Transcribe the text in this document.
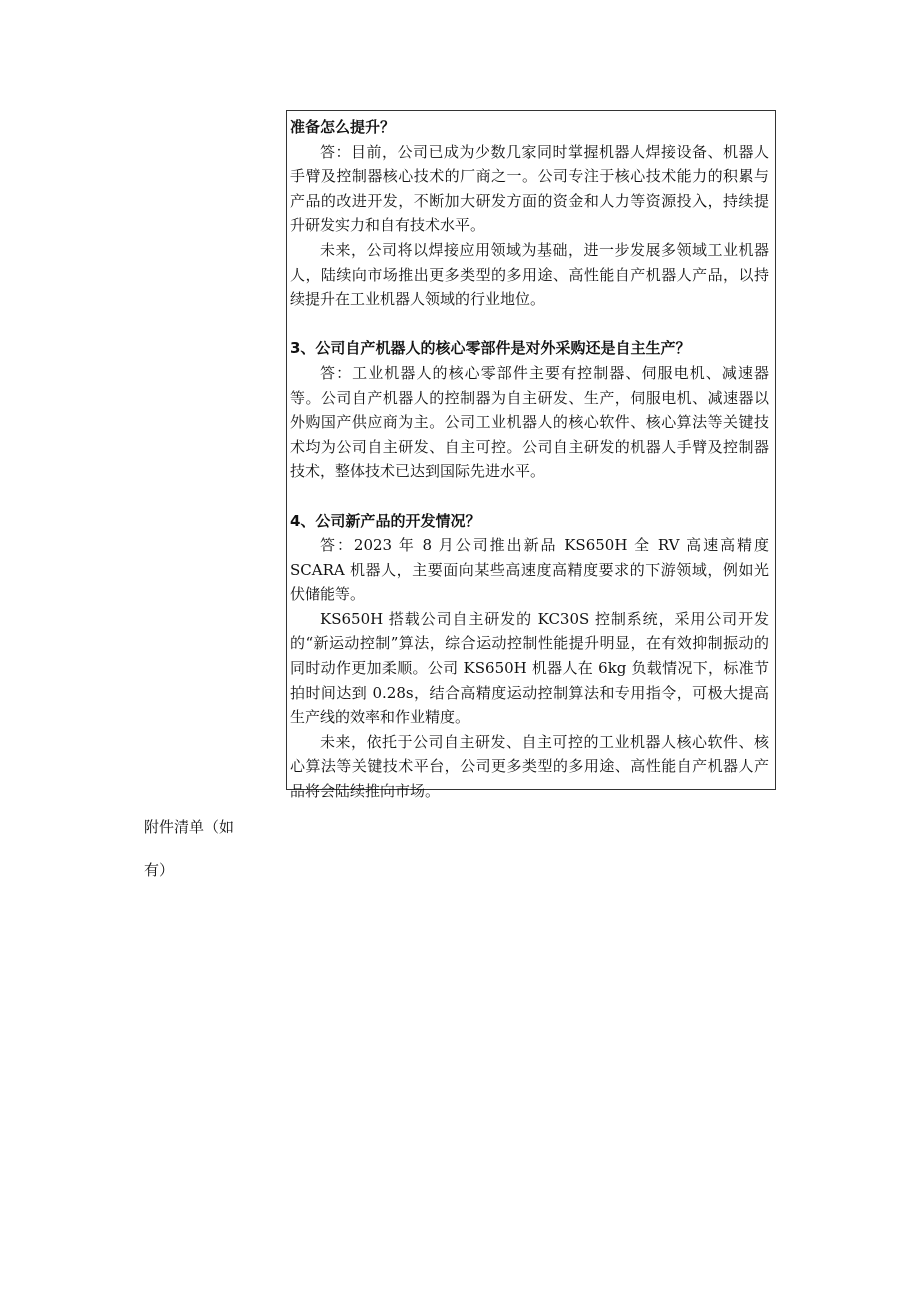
准备怎么提升？
答：目前，公司已成为少数几家同时掌握机器人焊接设备、机器人手臂及控制器核心技术的厂商之一。公司专注于核心技术能力的积累与产品的改进开发，不断加大研发方面的资金和人力等资源投入，持续提升研发实力和自有技术水平。
未来，公司将以焊接应用领域为基础，进一步发展多领域工业机器人，陆续向市场推出更多类型的多用途、高性能自产机器人产品，以持续提升在工业机器人领域的行业地位。
3、公司自产机器人的核心零部件是对外采购还是自主生产？
答：工业机器人的核心零部件主要有控制器、伺服电机、减速器等。公司自产机器人的控制器为自主研发、生产，伺服电机、减速器以外购国产供应商为主。公司工业机器人的核心软件、核心算法等关键技术均为公司自主研发、自主可控。公司自主研发的机器人手臂及控制器技术，整体技术已达到国际先进水平。
4、公司新产品的开发情况？
答：2023 年 8 月公司推出新品 KS650H 全 RV 高速高精度 SCARA 机器人，主要面向某些高速度高精度要求的下游领域，例如光伏储能等。
KS650H 搭载公司自主研发的 KC30S 控制系统，采用公司开发的“新运动控制”算法，综合运动控制性能提升明显，在有效抑制振动的同时动作更加柔顺。公司 KS650H 机器人在 6kg 负载情况下，标准节拍时间达到 0.28s，结合高精度运动控制算法和专用指令，可极大提高生产线的效率和作业精度。
未来，依托于公司自主研发、自主可控的工业机器人核心软件、核心算法等关键技术平台，公司更多类型的多用途、高性能自产机器人产品将会陆续推向市场。
附件清单（如
有）
